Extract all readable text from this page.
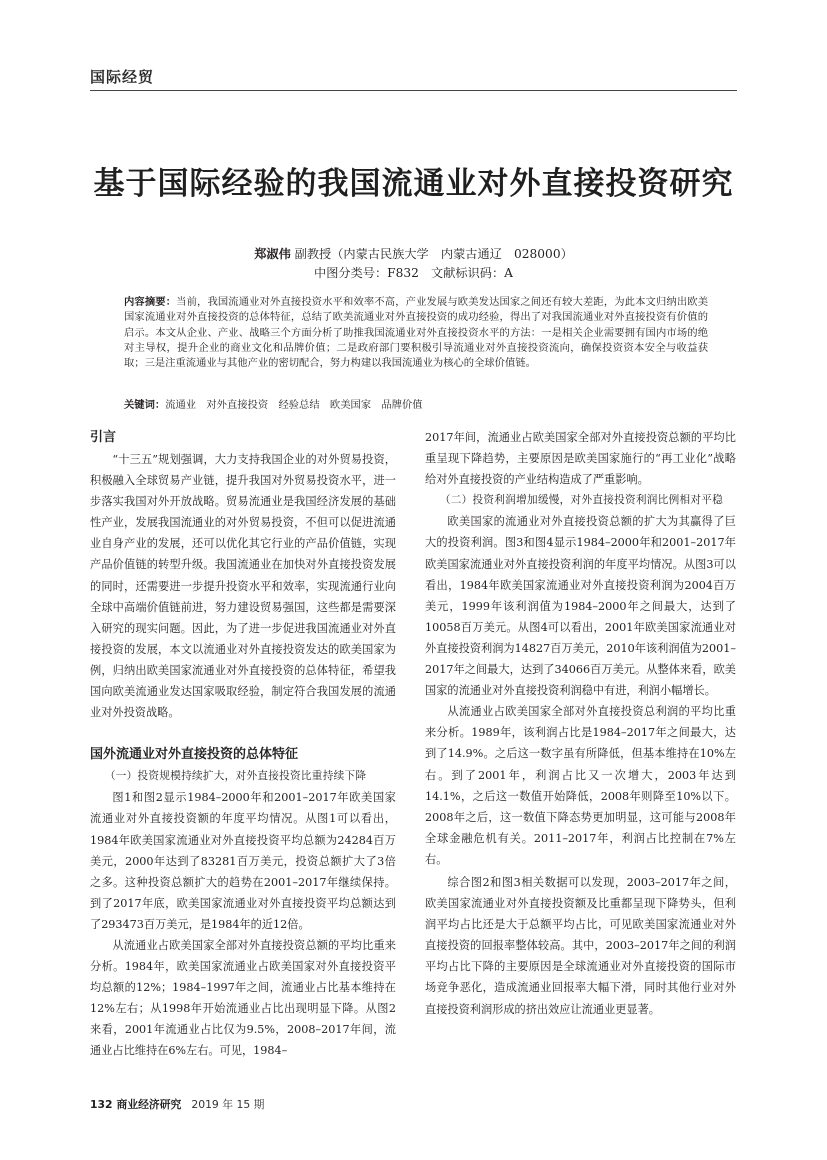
国际经贸
基于国际经验的我国流通业对外直接投资研究
郑淑伟 副教授（内蒙古民族大学　内蒙古通辽　028000）
中图分类号：F832　文献标识码：A
内容摘要：当前，我国流通业对外直接投资水平和效率不高，产业发展与欧美发达国家之间还有较大差距，为此本文归纳出欧美国家流通业对外直接投资的总体特征，总结了欧美流通业对外直接投资的成功经验，得出了对我国流通业对外直接投资有价值的启示。本文从企业、产业、战略三个方面分析了助推我国流通业对外直接投资水平的方法：一是相关企业需要拥有国内市场的绝对主导权，提升企业的商业文化和品牌价值；二是政府部门要积极引导流通业对外直接投资流向，确保投资资本安全与收益获取；三是注重流通业与其他产业的密切配合，努力构建以我国流通业为核心的全球价值链。
关键词：流通业　对外直接投资　经验总结　欧美国家　品牌价值
引言

“十三五”规划强调，大力支持我国企业的对外贸易投资，积极融入全球贸易产业链，提升我国对外贸易投资水平，进一步落实我国对外开放战略。贸易流通业是我国经济发展的基础性产业，发展我国流通业的对外贸易投资，不但可以促进流通业自身产业的发展，还可以优化其它行业的产品价值链，实现产品价值链的转型升级。我国流通业在加快对外直接投资发展的同时，还需要进一步提升投资水平和效率，实现流通行业向全球中高端价值链前进，努力建设贸易强国，这些都是需要深入研究的现实问题。因此，为了进一步促进我国流通业对外直接投资的发展，本文以流通业对外直接投资发达的欧美国家为例，归纳出欧美国家流通业对外直接投资的总体特征，希望我国向欧美流通业发达国家吸取经验，制定符合我国发展的流通业对外投资战略。

国外流通业对外直接投资的总体特征

（一）投资规模持续扩大，对外直接投资比重持续下降

图1和图2显示1984–2000年和2001–2017年欧美国家流通业对外直接投资额的年度平均情况。从图1可以看出，1984年欧美国家流通业对外直接投资平均总额为24284百万美元，2000年达到了83281百万美元，投资总额扩大了3倍之多。这种投资总额扩大的趋势在2001–2017年继续保持。到了2017年底，欧美国家流通业对外直接投资平均总额达到了293473百万美元，是1984年的近12倍。

从流通业占欧美国家全部对外直接投资总额的平均比重来分析。1984年，欧美国家流通业占欧美国家对外直接投资平均总额的12%；1984–1997年之间，流通业占比基本维持在12%左右；从1998年开始流通业占比出现明显下降。从图2来看，2001年流通业占比仅为9.5%，2008–2017年间，流通业占比维持在6%左右。可见，1984–

2017年间，流通业占欧美国家全部对外直接投资总额的平均比重呈现下降趋势，主要原因是欧美国家施行的“再工业化”战略给对外直接投资的产业结构造成了严重影响。

（二）投资利润增加缓慢，对外直接投资利润比例相对平稳

欧美国家的流通业对外直接投资总额的扩大为其赢得了巨大的投资利润。图3和图4显示1984–2000年和2001–2017年欧美国家流通业对外直接投资利润的年度平均情况。从图3可以看出，1984年欧美国家流通业对外直接投资利润为2004百万美元，1999年该利润值为1984–2000年之间最大，达到了10058百万美元。从图4可以看出，2001年欧美国家流通业对外直接投资利润为14827百万美元，2010年该利润值为2001–2017年之间最大，达到了34066百万美元。从整体来看，欧美国家的流通业对外直接投资利润稳中有进，利润小幅增长。

从流通业占欧美国家全部对外直接投资总利润的平均比重来分析。1989年，该利润占比是1984–2017年之间最大，达到了14.9%。之后这一数字虽有所降低，但基本维持在10%左右。到了2001年，利润占比又一次增大，2003年达到14.1%，之后这一数值开始降低，2008年则降至10%以下。2008年之后，这一数值下降态势更加明显，这可能与2008年全球金融危机有关。2011–2017年，利润占比控制在7%左右。

综合图2和图3相关数据可以发现，2003–2017年之间，欧美国家流通业对外直接投资额及比重都呈现下降势头，但利润平均占比还是大于总额平均占比，可见欧美国家流通业对外直接投资的回报率整体较高。其中，2003–2017年之间的利润平均占比下降的主要原因是全球流通业对外直接投资的国际市场竞争恶化，造成流通业回报率大幅下滑，同时其他行业对外直接投资利润形成的挤出效应让流通业更显著。

132 商业经济研究 2019 年 15 期
